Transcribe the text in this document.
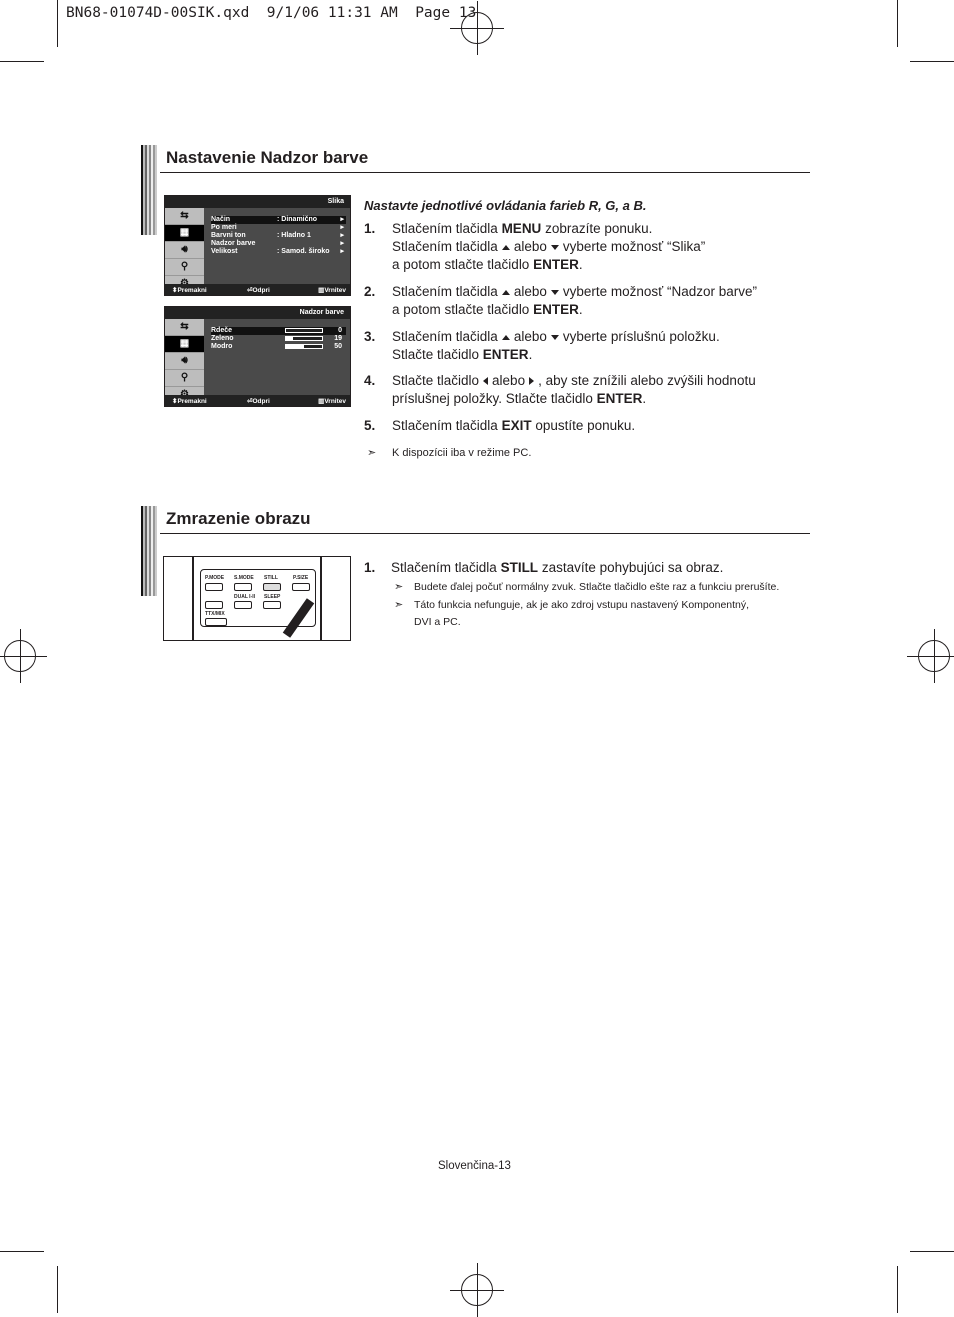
BN68-01074D-00SIK.qxd  9/1/06 11:31 AM  Page 13
Nastavenie Nadzor barve
Slika
⇆
▦
🔊︎
⚲
Način	: Dinamično	▸
Po meri	▸
Barvni ton	: Hladno 1	▸
Nadzor barve	▸
Velikost	: Samod. široko ▸
⬍Premakni	⏎Odpri	▥Vrnitev
Nadzor barve
⇆
▦
🔊︎
⚲
Rdeče	0
Zeleno	19
Modro	50
⬍Premakni	⏎Odpri	▥Vrnitev
Nastavte jednotlivé ovládania farieb R, G, a B.
1. Stlačením tlačidla MENU zobrazíte ponuku.
Stlačením tlačidla alebo vyberte možnosť “Slika”
a potom stlačte tlačidlo ENTER.
2. Stlačením tlačidla alebo vyberte možnosť “Nadzor barve”
a potom stlačte tlačidlo ENTER.
3. Stlačením tlačidla alebo vyberte príslušnú položku.
Stlačte tlačidlo ENTER.
4. Stlačte tlačidlo alebo , aby ste znížili alebo zvýšili hodnotu
príslušnej položky. Stlačte tlačidlo ENTER.
5. Stlačením tlačidla EXIT opustíte ponuku.
➣ K dispozícii iba v režime PC.
Zmrazenie obrazu
P.MODE S.MODE STILL	P.SIZE
DUAL I-II SLEEP
TTX/MIX
1. Stlačením tlačidla STILL zastavíte pohybujúci sa obraz.
➣ Budete ďalej počuť normálny zvuk. Stlačte tlačidlo ešte raz a funkciu prerušíte.
➣ Táto funkcia nefunguje, ak je ako zdroj vstupu nastavený Komponentný,
DVI a PC.
Slovenčina-13
